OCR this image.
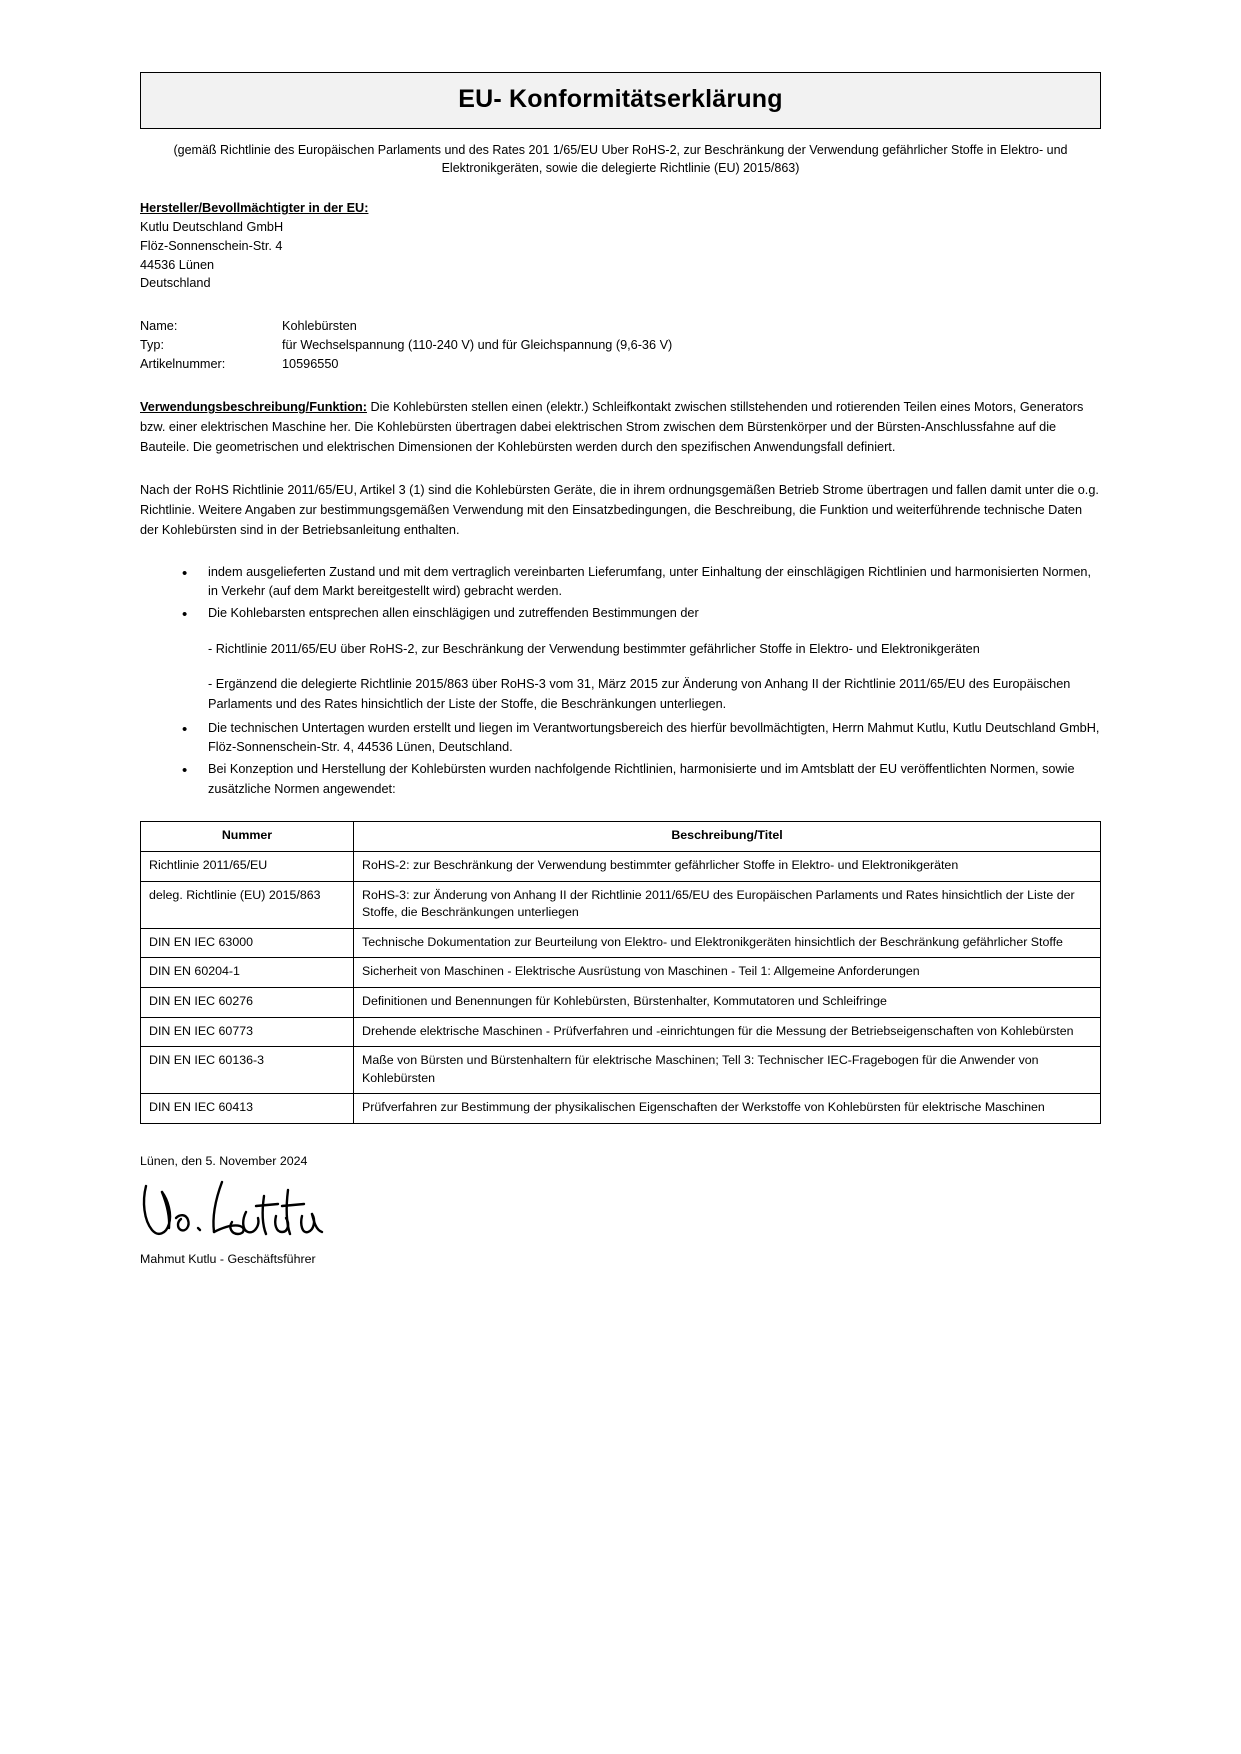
EU- Konformitätserklärung
(gemäß Richtlinie des Europäischen Parlaments und des Rates 201 1/65/EU Uber RoHS-2, zur Beschränkung der Verwendung gefährlicher Stoffe in Elektro- und Elektronikgeräten, sowie die delegierte Richtlinie (EU) 2015/863)
Hersteller/Bevollmächtigter in der EU:
Kutlu Deutschland GmbH
Flöz-Sonnenschein-Str. 4
44536 Lünen
Deutschland
Name:	Kohlebürsten
Typ:	für Wechselspannung (110-240 V) und für Gleichspannung (9,6-36 V)
Artikelnummer:	10596550
Verwendungsbeschreibung/Funktion: Die Kohlebürsten stellen einen (elektr.) Schleifkontakt zwischen stillstehenden und rotierenden Teilen eines Motors, Generators bzw. einer elektrischen Maschine her. Die Kohlebürsten übertragen dabei elektrischen Strom zwischen dem Bürstenkörper und der Bürsten-Anschlussfahne auf die Bauteile. Die geometrischen und elektrischen Dimensionen der Kohlebürsten werden durch den spezifischen Anwendungsfall definiert.
Nach der RoHS Richtlinie 2011/65/EU, Artikel 3 (1) sind die Kohlebürsten Geräte, die in ihrem ordnungsgemäßen Betrieb Strome übertragen und fallen damit unter die o.g. Richtlinie. Weitere Angaben zur bestimmungsgemäßen Verwendung mit den Einsatzbedingungen, die Beschreibung, die Funktion und weiterführende technische Daten der Kohlebürsten sind in der Betriebsanleitung enthalten.
• indem ausgelieferten Zustand und mit dem vertraglich vereinbarten Lieferumfang, unter Einhaltung der einschlägigen Richtlinien und harmonisierten Normen, in Verkehr (auf dem Markt bereitgestellt wird) gebracht werden.
• Die Kohlebarsten entsprechen allen einschlägigen und zutreffenden Bestimmungen der
- Richtlinie 2011/65/EU über RoHS-2, zur Beschränkung der Verwendung bestimmter gefährlicher Stoffe in Elektro- und Elektronikgeräten
- Ergänzend die delegierte Richtlinie 2015/863 über RoHS-3 vom 31, März 2015 zur Änderung von Anhang II der Richtlinie 2011/65/EU des Europäischen Parlaments und des Rates hinsichtlich der Liste der Stoffe, die Beschränkungen unterliegen.
• Die technischen Untertagen wurden erstellt und liegen im Verantwortungsbereich des hierfür bevollmächtigten, Herrn Mahmut Kutlu, Kutlu Deutschland GmbH, Flöz-Sonnenschein-Str. 4, 44536 Lünen, Deutschland.
• Bei Konzeption und Herstellung der Kohlebürsten wurden nachfolgende Richtlinien, harmonisierte und im Amtsblatt der EU veröffentlichten Normen, sowie zusätzliche Normen angewendet:
Nummer	Beschreibung/Titel
Richtlinie 2011/65/EU	RoHS-2: zur Beschränkung der Verwendung bestimmter gefährlicher Stoffe in Elektro- und Elektronikgeräten
deleg. Richtlinie (EU) 2015/863	RoHS-3: zur Änderung von Anhang II der Richtlinie 2011/65/EU des Europäischen Parlaments und Rates hinsichtlich der Liste der Stoffe, die Beschränkungen unterliegen
DIN EN IEC 63000	Technische Dokumentation zur Beurteilung von Elektro- und Elektronikgeräten hinsichtlich der Beschränkung gefährlicher Stoffe
DIN EN 60204-1	Sicherheit von Maschinen - Elektrische Ausrüstung von Maschinen - Teil 1: Allgemeine Anforderungen
DIN EN IEC 60276	Definitionen und Benennungen für Kohlebürsten, Bürstenhalter, Kommutatoren und Schleifringe
DIN EN IEC 60773	Drehende elektrische Maschinen - Prüfverfahren und -einrichtungen für die Messung der Betriebseigenschaften von Kohlebürsten
DIN EN IEC 60136-3	Maße von Bürsten und Bürstenhaltern für elektrische Maschinen; Tell 3: Technischer IEC-Fragebogen für die Anwender von Kohlebürsten
DIN EN IEC 60413	Prüfverfahren zur Bestimmung der physikalischen Eigenschaften der Werkstoffe von Kohlebürsten für elektrische Maschinen
Lünen, den 5. November 2024
Mahmut Kutlu - Geschäftsführer
